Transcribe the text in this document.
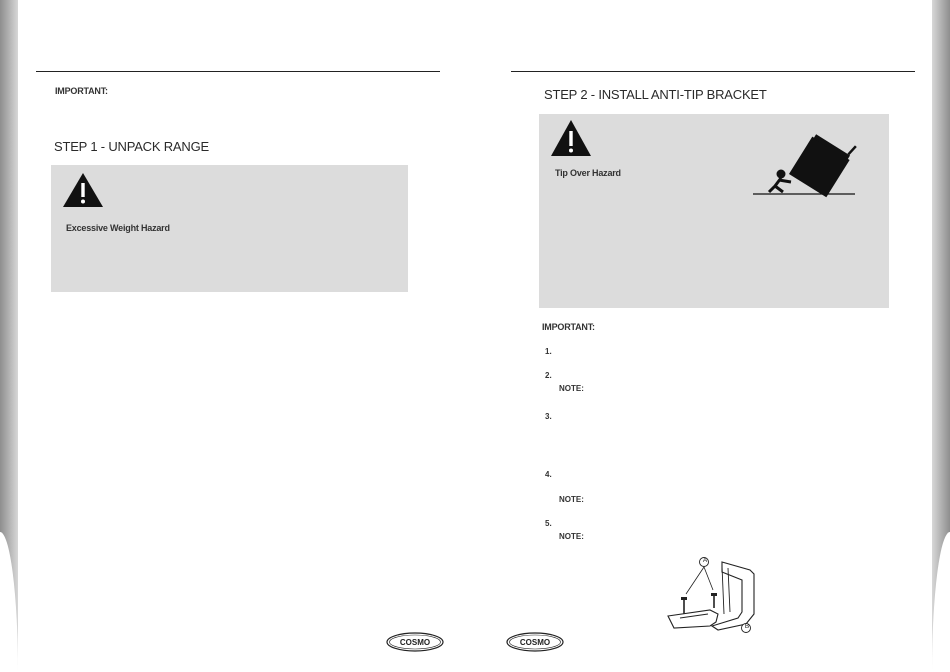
IMPORTANT:
STEP 1 - UNPACK RANGE
Excessive Weight Hazard
STEP 2 - INSTALL ANTI-TIP BRACKET
Tip Over Hazard
IMPORTANT:
1.
2.
NOTE:
3.
4.
NOTE:
5.
NOTE:
A
B
COSMO	COSMO
